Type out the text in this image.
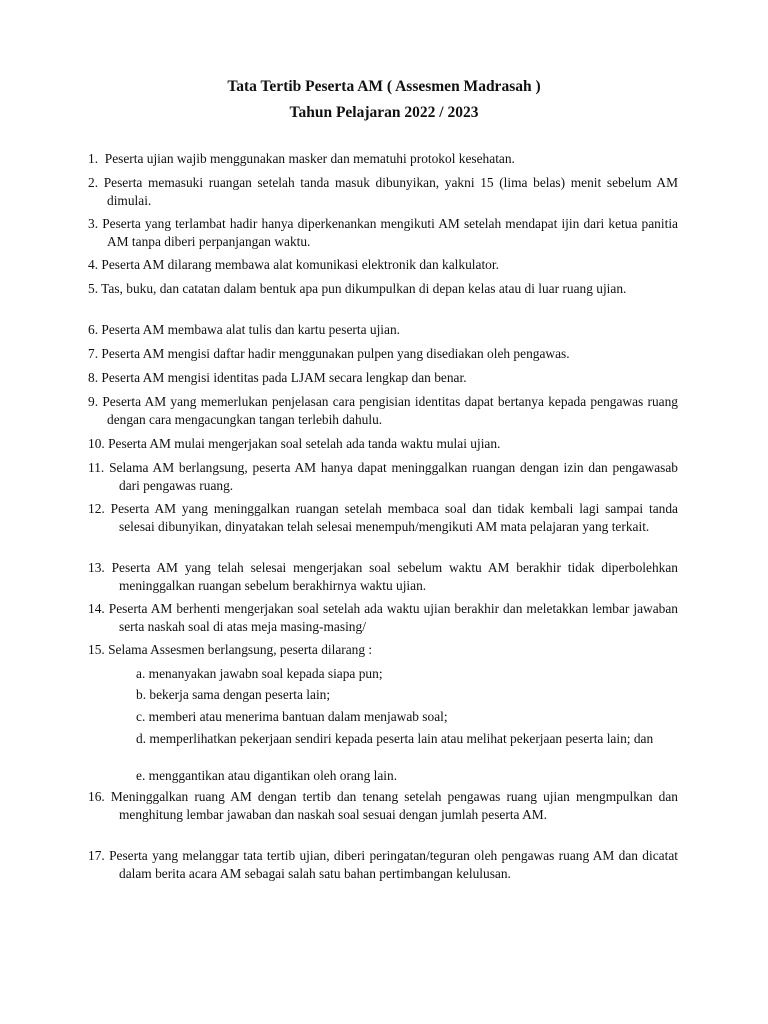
Tata Tertib Peserta AM ( Assesmen Madrasah )
Tahun Pelajaran 2022 / 2023
1. Peserta ujian wajib menggunakan masker dan mematuhi protokol kesehatan.
2. Peserta memasuki ruangan setelah tanda masuk dibunyikan, yakni 15 (lima belas) menit sebelum AM dimulai.
3. Peserta yang terlambat hadir hanya diperkenankan mengikuti AM setelah mendapat ijin dari ketua panitia AM tanpa diberi perpanjangan waktu.
4. Peserta AM dilarang membawa alat komunikasi elektronik dan kalkulator.
5. Tas, buku, dan catatan dalam bentuk apa pun dikumpulkan di depan kelas atau di luar ruang ujian.
6. Peserta AM membawa alat tulis dan kartu peserta ujian.
7. Peserta AM mengisi daftar hadir menggunakan pulpen yang disediakan oleh pengawas.
8. Peserta AM mengisi identitas pada LJAM secara lengkap dan benar.
9. Peserta AM yang memerlukan penjelasan cara pengisian identitas dapat bertanya kepada pengawas ruang dengan cara mengacungkan tangan terlebih dahulu.
10. Peserta AM mulai mengerjakan soal setelah ada tanda waktu mulai ujian.
11. Selama AM berlangsung, peserta AM hanya dapat meninggalkan ruangan dengan izin dan pengawasab dari pengawas ruang.
12. Peserta AM yang meninggalkan ruangan setelah membaca soal dan tidak kembali lagi sampai tanda selesai dibunyikan, dinyatakan telah selesai menempuh/mengikuti AM mata pelajaran yang terkait.
13. Peserta AM yang telah selesai mengerjakan soal sebelum waktu AM berakhir tidak diperbolehkan meninggalkan ruangan sebelum berakhirnya waktu ujian.
14. Peserta AM berhenti mengerjakan soal setelah ada waktu ujian berakhir dan meletakkan lembar jawaban serta naskah soal di atas meja masing-masing/
15. Selama Assesmen berlangsung, peserta dilarang :
a. menanyakan jawabn soal kepada siapa pun;
b. bekerja sama dengan peserta lain;
c. memberi atau menerima bantuan dalam menjawab soal;
d. memperlihatkan pekerjaan sendiri kepada peserta lain atau melihat pekerjaan peserta lain; dan
e. menggantikan atau digantikan oleh orang lain.
16. Meninggalkan ruang AM dengan tertib dan tenang setelah pengawas ruang ujian mengmpulkan dan menghitung lembar jawaban dan naskah soal sesuai dengan jumlah peserta AM.
17. Peserta yang melanggar tata tertib ujian, diberi peringatan/teguran oleh pengawas ruang AM dan dicatat dalam berita acara AM sebagai salah satu bahan pertimbangan kelulusan.
